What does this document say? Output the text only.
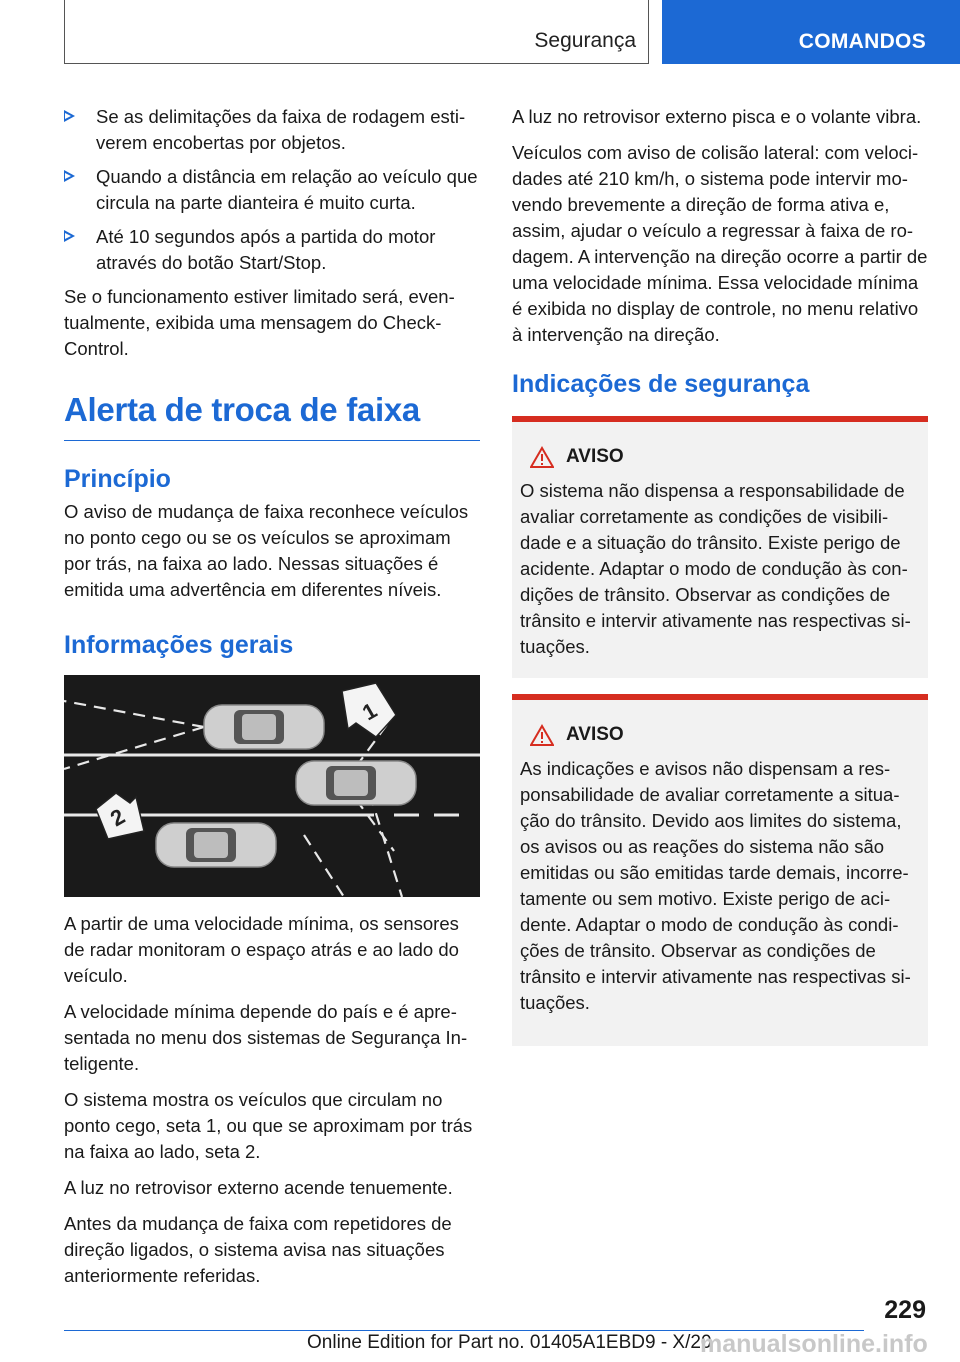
Segurança	COMANDOS
Se as delimitações da faixa de rodagem estiverem encobertas por objetos.
Quando a distância em relação ao veículo que circula na parte dianteira é muito curta.
Até 10 segundos após a partida do motor através do botão Start/Stop.

Se o funcionamento estiver limitado será, eventualmente, exibida uma mensagem do Check-Control.

Alerta de troca de faixa
Princípio

O aviso de mudança de faixa reconhece veículos no ponto cego ou se os veículos se aproximam por trás, na faixa ao lado. Nessas situações é emitida uma advertência em diferentes níveis.

Informações gerais
1
2

A partir de uma velocidade mínima, os sensores de radar monitoram o espaço atrás e ao lado do veículo.

A velocidade mínima depende do país e é apresentada no menu dos sistemas de Segurança Inteligente.

O sistema mostra os veículos que circulam no ponto cego, seta 1, ou que se aproximam por trás na faixa ao lado, seta 2.

A luz no retrovisor externo acende tenuemente.

Antes da mudança de faixa com repetidores de direção ligados, o sistema avisa nas situações anteriormente referidas.

A luz no retrovisor externo pisca e o volante vibra.

Veículos com aviso de colisão lateral: com velocidades até 210 km/h, o sistema pode intervir movendo brevemente a direção de forma ativa e, assim, ajudar o veículo a regressar à faixa de rodagem. A intervenção na direção ocorre a partir de uma velocidade mínima. Essa velocidade mínima é exibida no display de controle, no menu relativo à intervenção na direção.

Indicações de segurança
AVISO

O sistema não dispensa a responsabilidade de avaliar corretamente as condições de visibilidade e a situação do trânsito. Existe perigo de acidente. Adaptar o modo de condução às condições de trânsito. Observar as condições de trânsito e intervir ativamente nas respectivas situações.

AVISO

As indicações e avisos não dispensam a responsabilidade de avaliar corretamente a situação do trânsito. Devido aos limites do sistema, os avisos ou as reações do sistema não são emitidas ou são emitidas tarde demais, incorretamente ou sem motivo. Existe perigo de acidente. Adaptar o modo de condução às condições de trânsito. Observar as condições de trânsito e intervir ativamente nas respectivas situações.

229
Online Edition for Part no. 01405A1EBD9 - X/20
manualsonline.info
